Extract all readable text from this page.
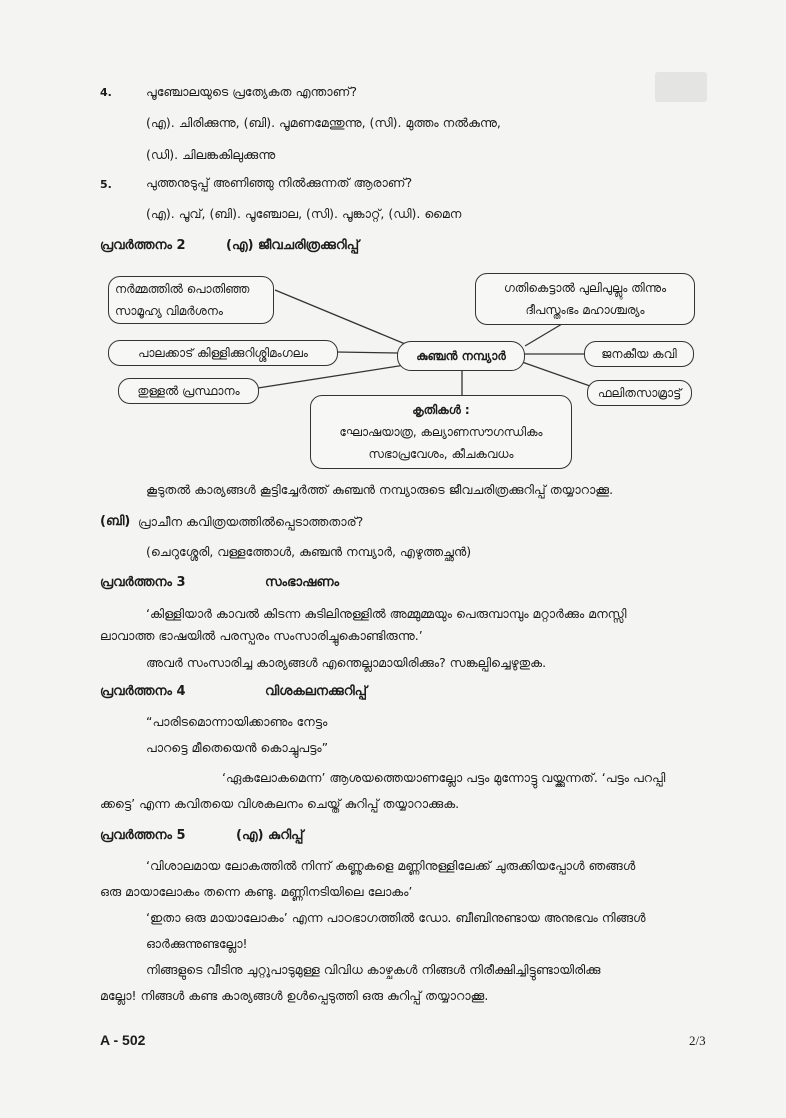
4.	പൂഞ്ചോലയുടെ പ്രത്യേകത എന്താണ്?
(എ). ചിരിക്കുന്നു, (ബി). പൂമണമേന്തുന്നു, (സി). മുത്തം നൽകുന്നു,
(ഡി). ചിലങ്കകിലുക്കുന്നു
5.	പുത്തനുടുപ്പ് അണിഞ്ഞു നിൽക്കുന്നത് ആരാണ്?
(എ). പൂവ്, (ബി). പൂഞ്ചോല, (സി). പൂങ്കാറ്റ്, (ഡി). മൈന
പ്രവർത്തനം 2	(എ) ജീവചരിത്രക്കുറിപ്പ്
നർമ്മത്തിൽ പൊതിഞ്ഞ
സാമൂഹ്യ വിമർശനം
ഗതികെട്ടാൽ പുലിപുല്ലും തിന്നും
ദീപസ്തംഭം മഹാശ്ചര്യം
പാലക്കാട് കിള്ളിക്കുറിശ്ശിമംഗലം	കുഞ്ചൻ നമ്പ്യാർ	ജനകീയ കവി
തുള്ളൽ പ്രസ്ഥാനം	ഫലിതസാമ്രാട്ട്
കൃതികൾ :
ഘോഷയാത്ര, കല്യാണസൗഗന്ധികം
സഭാപ്രവേശം, കീചകവധം
കൂടുതൽ കാര്യങ്ങൾ കൂട്ടിച്ചേർത്ത് കുഞ്ചൻ നമ്പ്യാരുടെ ജീവചരിത്രക്കുറിപ്പ് തയ്യാറാക്കൂ.
(ബി) പ്രാചീന കവിത്രയത്തിൽപ്പെടാത്തതാര്?
(ചെറുശ്ശേരി, വള്ളത്തോൾ, കുഞ്ചൻ നമ്പ്യാർ, എഴുത്തച്ഛൻ)
പ്രവർത്തനം 3	സംഭാഷണം
‘കിള്ളിയാർ കാവൽ കിടന്ന കുടിലിനുള്ളിൽ അമ്മുമ്മയും പെരുമ്പാമ്പും മറ്റാർക്കും മനസ്സി
ലാവാത്ത ഭാഷയിൽ പരസ്പരം സംസാരിച്ചുകൊണ്ടിരുന്നു.’
അവർ സംസാരിച്ച കാര്യങ്ങൾ എന്തെല്ലാമായിരിക്കും? സങ്കല്പിച്ചെഴുതുക.
പ്രവർത്തനം 4	വിശകലനക്കുറിപ്പ്
“പാരിടമൊന്നായിക്കാണും നേട്ടം
പാറട്ടെ മീതെയെൻ കൊച്ചുപട്ടം”
‘ഏകലോകമെന്ന’ ആശയത്തെയാണല്ലോ പട്ടം മുന്നോട്ടു വയ്ക്കുന്നത്. ‘പട്ടം പറപ്പി
ക്കട്ടെ’ എന്ന കവിതയെ വിശകലനം ചെയ്ത് കുറിപ്പ് തയ്യാറാക്കുക.
പ്രവർത്തനം 5	(എ) കുറിപ്പ്
‘വിശാലമായ ലോകത്തിൽ നിന്ന് കണ്ണുകളെ മണ്ണിനുള്ളിലേക്ക് ചുരുക്കിയപ്പോൾ ഞങ്ങൾ
ഒരു മായാലോകം തന്നെ കണ്ടു. മണ്ണിനടിയിലെ ലോകം’
‘ഇതാ ഒരു മായാലോകം’ എന്ന പാഠഭാഗത്തിൽ ഡോ. ബീബിനുണ്ടായ അനുഭവം നിങ്ങൾ
ഓർക്കുന്നുണ്ടല്ലോ!
നിങ്ങളുടെ വീടിനു ചുറ്റുപാടുമുള്ള വിവിധ കാഴ്ചകൾ നിങ്ങൾ നിരീക്ഷിച്ചിട്ടുണ്ടായിരിക്കു
മല്ലോ! നിങ്ങൾ കണ്ട കാര്യങ്ങൾ ഉൾപ്പെടുത്തി ഒരു കുറിപ്പ് തയ്യാറാക്കൂ.
A - 502	2/3
